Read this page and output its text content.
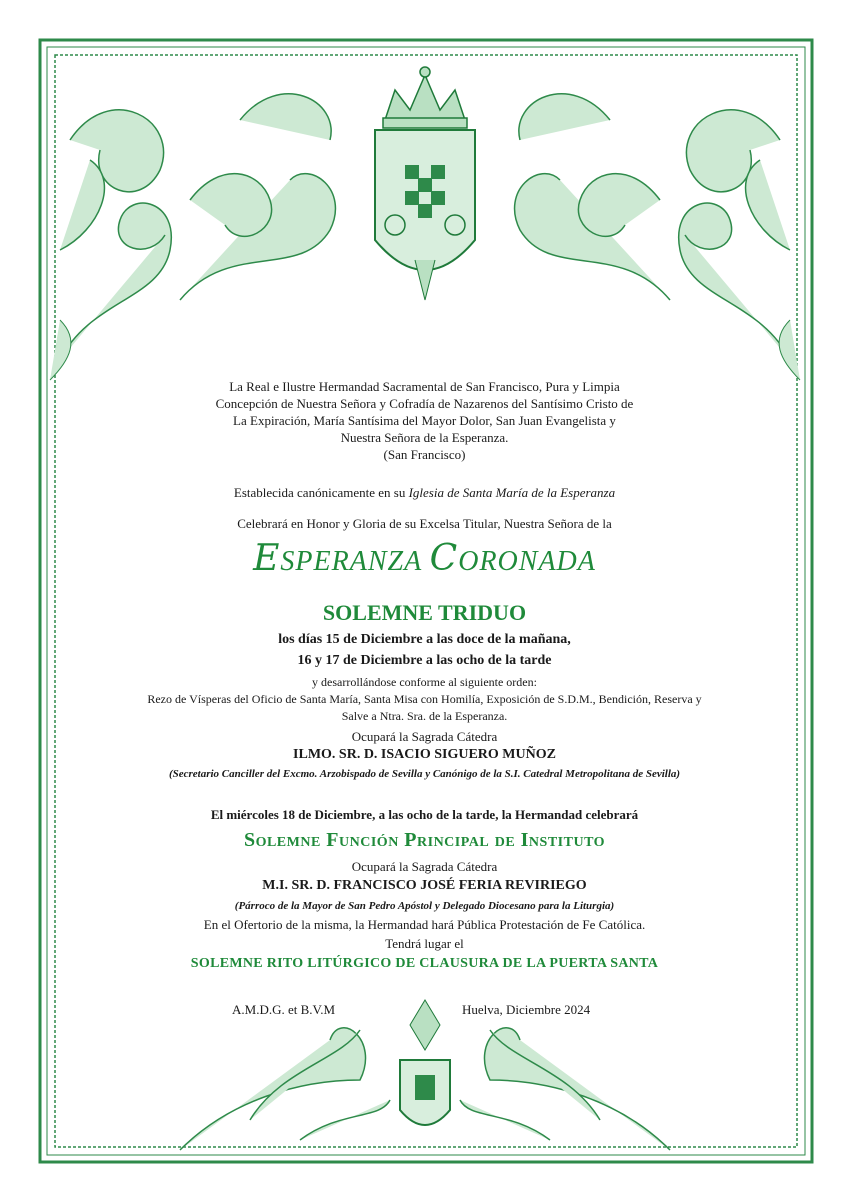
La Real e Ilustre Hermandad Sacramental de San Francisco, Pura y Limpia
Concepción de Nuestra Señora y Cofradía de Nazarenos del Santísimo Cristo de
La Expiración, María Santísima del Mayor Dolor, San Juan Evangelista y
Nuestra Señora de la Esperanza.
(San Francisco)
Establecida canónicamente en su Iglesia de Santa María de la Esperanza
Celebrará en Honor y Gloria de su Excelsa Titular, Nuestra Señora de la
ESPERANZA CORONADA
SOLEMNE TRIDUO
los días 15 de Diciembre a las doce de la mañana,
16 y 17 de Diciembre a las ocho de la tarde
y desarrollándose conforme al siguiente orden:
Rezo de Vísperas del Oficio de Santa María, Santa Misa con Homilía, Exposición de S.D.M., Bendición, Reserva y
Salve a Ntra. Sra. de la Esperanza.
Ocupará la Sagrada Cátedra
ILMO. SR. D. ISACIO SIGUERO MUÑOZ
(Secretario Canciller del Excmo. Arzobispado de Sevilla y Canónigo de la S.I. Catedral Metropolitana de Sevilla)
El miércoles 18 de Diciembre, a las ocho de la tarde, la Hermandad celebrará
Solemne Función Principal de Instituto
Ocupará la Sagrada Cátedra
M.I. SR. D. FRANCISCO JOSÉ FERIA REVIRIEGO
(Párroco de la Mayor de San Pedro Apóstol y Delegado Diocesano para la Liturgia)
En el Ofertorio de la misma, la Hermandad hará Pública Protestación de Fe Católica.
Tendrá lugar el
SOLEMNE RITO LITÚRGICO DE CLAUSURA DE LA PUERTA SANTA
A.M.D.G. et B.V.M	Huelva, Diciembre 2024
